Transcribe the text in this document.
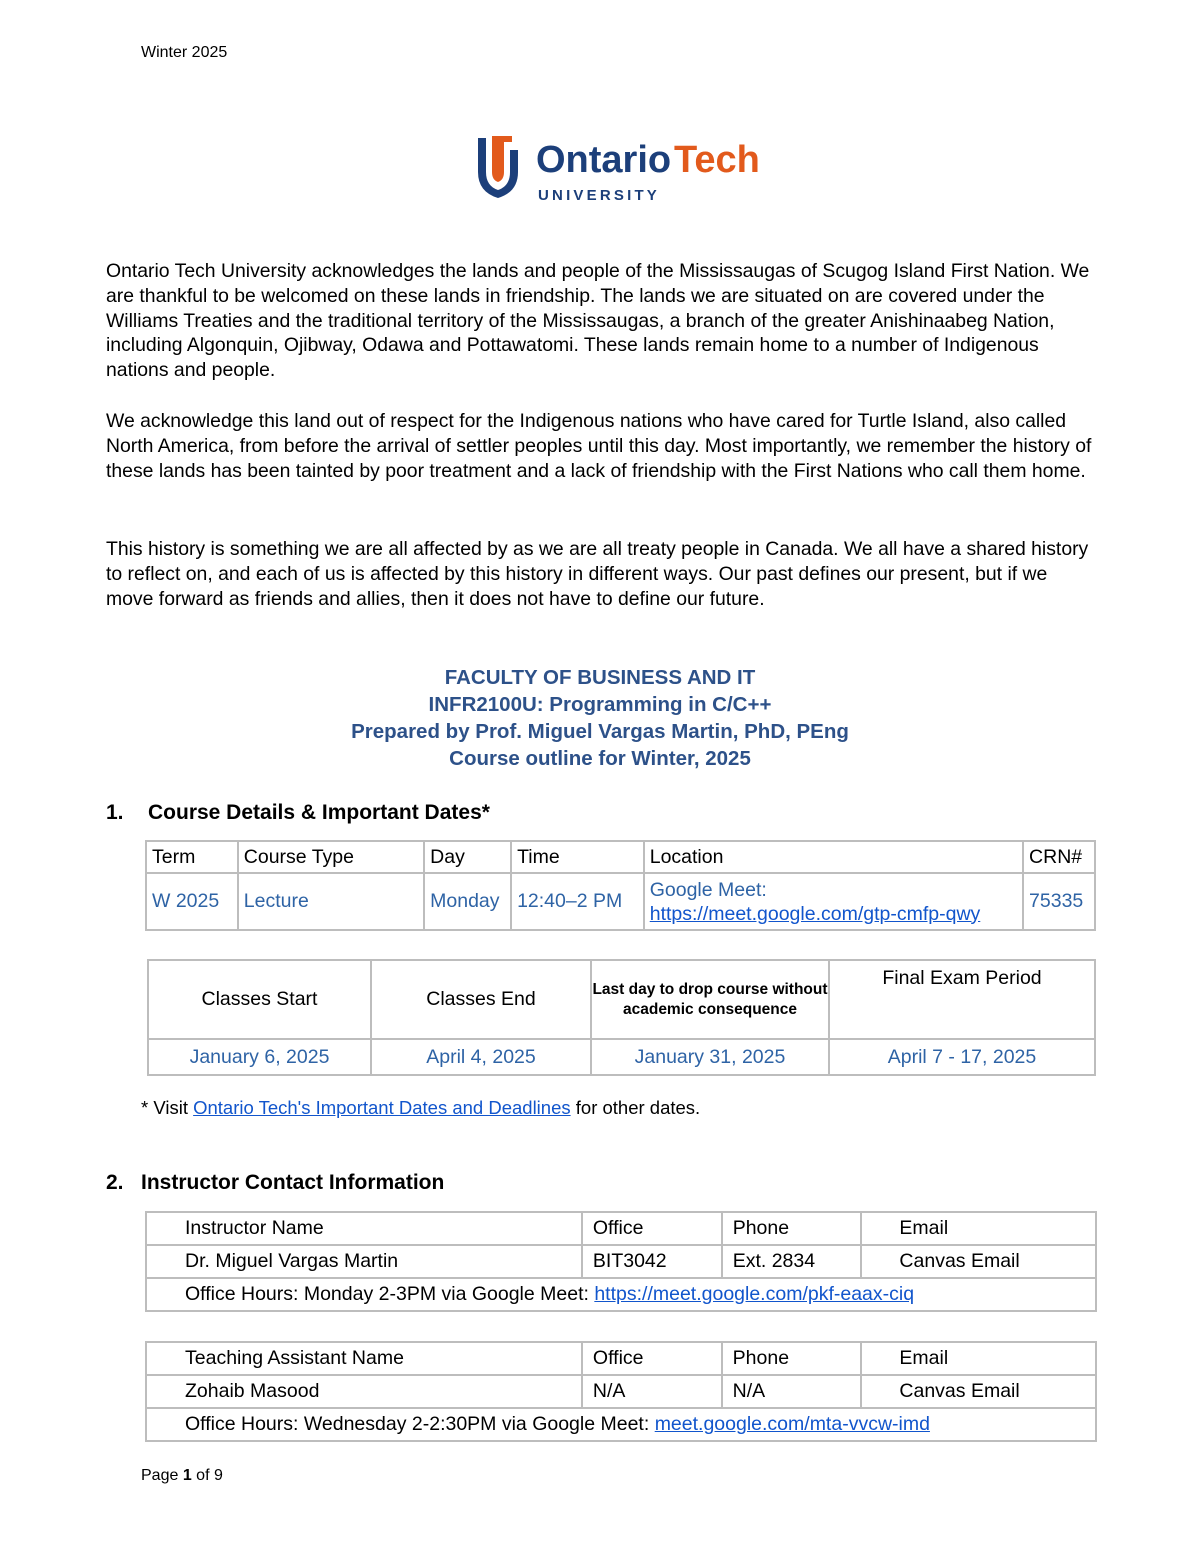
Winter 2025
Ontario Tech
UNIVERSITY

Ontario Tech University acknowledges the lands and people of the Mississaugas of Scugog Island First Nation. We are thankful to be welcomed on these lands in friendship. The lands we are situated on are covered under the Williams Treaties and the traditional territory of the Mississaugas, a branch of the greater Anishinaabeg Nation, including Algonquin, Ojibway, Odawa and Pottawatomi. These lands remain home to a number of Indigenous nations and people.

We acknowledge this land out of respect for the Indigenous nations who have cared for Turtle Island, also called North America, from before the arrival of settler peoples until this day. Most importantly, we remember the history of these lands has been tainted by poor treatment and a lack of friendship with the First Nations who call them home.

This history is something we are all affected by as we are all treaty people in Canada. We all have a shared history to reflect on, and each of us is affected by this history in different ways. Our past defines our present, but if we move forward as friends and allies, then it does not have to define our future.

FACULTY OF BUSINESS AND IT
INFR2100U: Programming in C/C++
Prepared by Prof. Miguel Vargas Martin, PhD, PEng
Course outline for Winter, 2025
1. Course Details & Important Dates*
Term	Course Type	Day	Time	Location	CRN#
W 2025	Lecture	Monday	12:40–2 PM	Google Meet:
https://meet.google.com/gtp-cmfp-qwy	75335
Classes Start	Classes End	Last day to drop course without academic consequence	Final Exam Period
January 6, 2025	April 4, 2025	January 31, 2025	April 7 - 17, 2025
* Visit Ontario Tech's Important Dates and Deadlines for other dates.
2. Instructor Contact Information
Instructor Name	Office	Phone	Email
Dr. Miguel Vargas Martin	BIT3042	Ext. 2834	Canvas Email
Office Hours: Monday 2-3PM via Google Meet: https://meet.google.com/pkf-eaax-ciq			
Teaching Assistant Name	Office	Phone	Email
Zohaib Masood	N/A	N/A	Canvas Email
Office Hours: Wednesday 2-2:30PM via Google Meet: meet.google.com/mta-vvcw-imd			
Page 1 of 9
